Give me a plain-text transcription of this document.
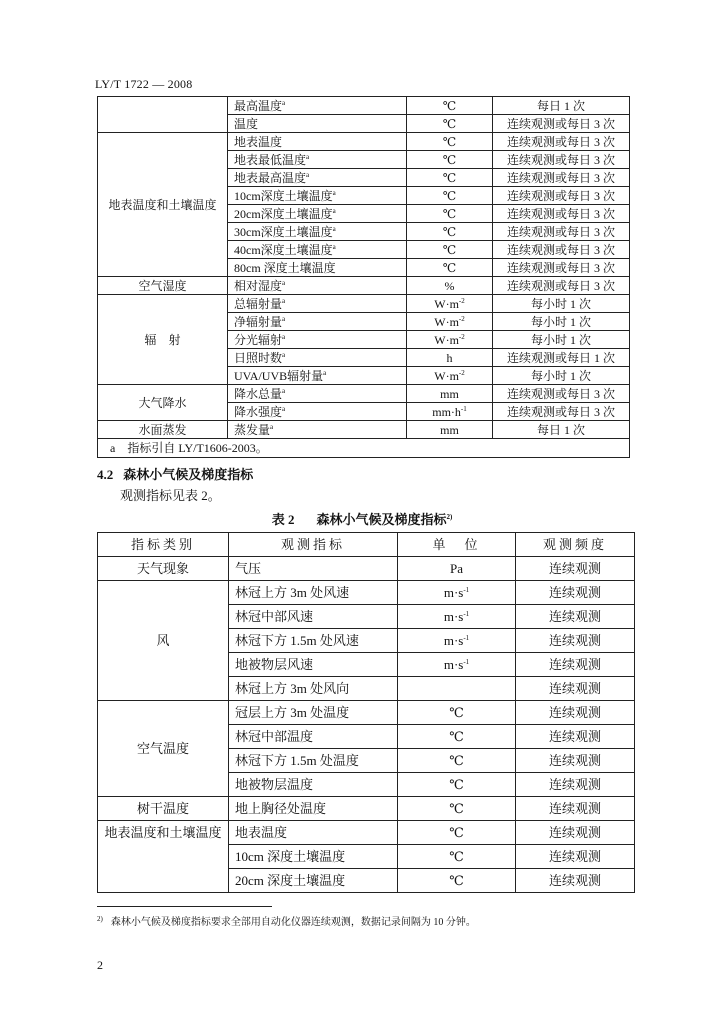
LY/T 1722 — 2008
	最高温度$^a$	℃	每日 1 次
	温度	℃	连续观测或每日 3 次
地表温度和土壤温度	地表温度	℃	连续观测或每日 3 次
	地表最低温度$^a$	℃	连续观测或每日 3 次
	地表最高温度$^a$	℃	连续观测或每日 3 次
	10cm深度土壤温度$^a$	℃	连续观测或每日 3 次
	20cm深度土壤温度$^a$	℃	连续观测或每日 3 次
	30cm深度土壤温度$^a$	℃	连续观测或每日 3 次
	40cm深度土壤温度$^a$	℃	连续观测或每日 3 次
	80cm 深度土壤温度	℃	连续观测或每日 3 次
空气湿度	相对湿度$^a$	%	连续观测或每日 3 次
辐　射	总辐射量$^a$	$W\cdot m^{-2}$	每小时 1 次
	净辐射量$^a$	$W\cdot m^{-2}$	每小时 1 次
	分光辐射$^a$	$W\cdot m^{-2}$	每小时 1 次
	日照时数$^a$	h	连续观测或每日 1 次
	UVA/UVB辐射量$^a$	$W\cdot m^{-2}$	每小时 1 次
大气降水	降水总量$^a$	mm	连续观测或每日 3 次
	降水强度$^a$	$mm\cdot h^{-1}$	连续观测或每日 3 次
水面蒸发	蒸发量$^a$	mm	每日 1 次
a 指标引自 LY/T1606-2003。			
4.2 森林小气候及梯度指标
观测指标见表 2。
表 2 森林小气候及梯度指标$^{2)}$
指标类别	观测指标	单　位	观测频度
天气现象	气压	Pa	连续观测
风	林冠上方 3m 处风速	$m\cdot s^{-1}$	连续观测
	林冠中部风速	$m\cdot s^{-1}$	连续观测
	林冠下方 1.5m 处风速	$m\cdot s^{-1}$	连续观测
	地被物层风速	$m\cdot s^{-1}$	连续观测
	林冠上方 3m 处风向		连续观测
空气温度	冠层上方 3m 处温度	℃	连续观测
	林冠中部温度	℃	连续观测
	林冠下方 1.5m 处温度	℃	连续观测
	地被物层温度	℃	连续观测
树干温度	地上胸径处温度	℃	连续观测
地表温度和土壤温度	地表温度	℃	连续观测
	10cm 深度土壤温度	℃	连续观测
	20cm 深度土壤温度	℃	连续观测
$^{2)}$ 森林小气候及梯度指标要求全部用自动化仪器连续观测，数据记录间隔为 10 分钟。
2
